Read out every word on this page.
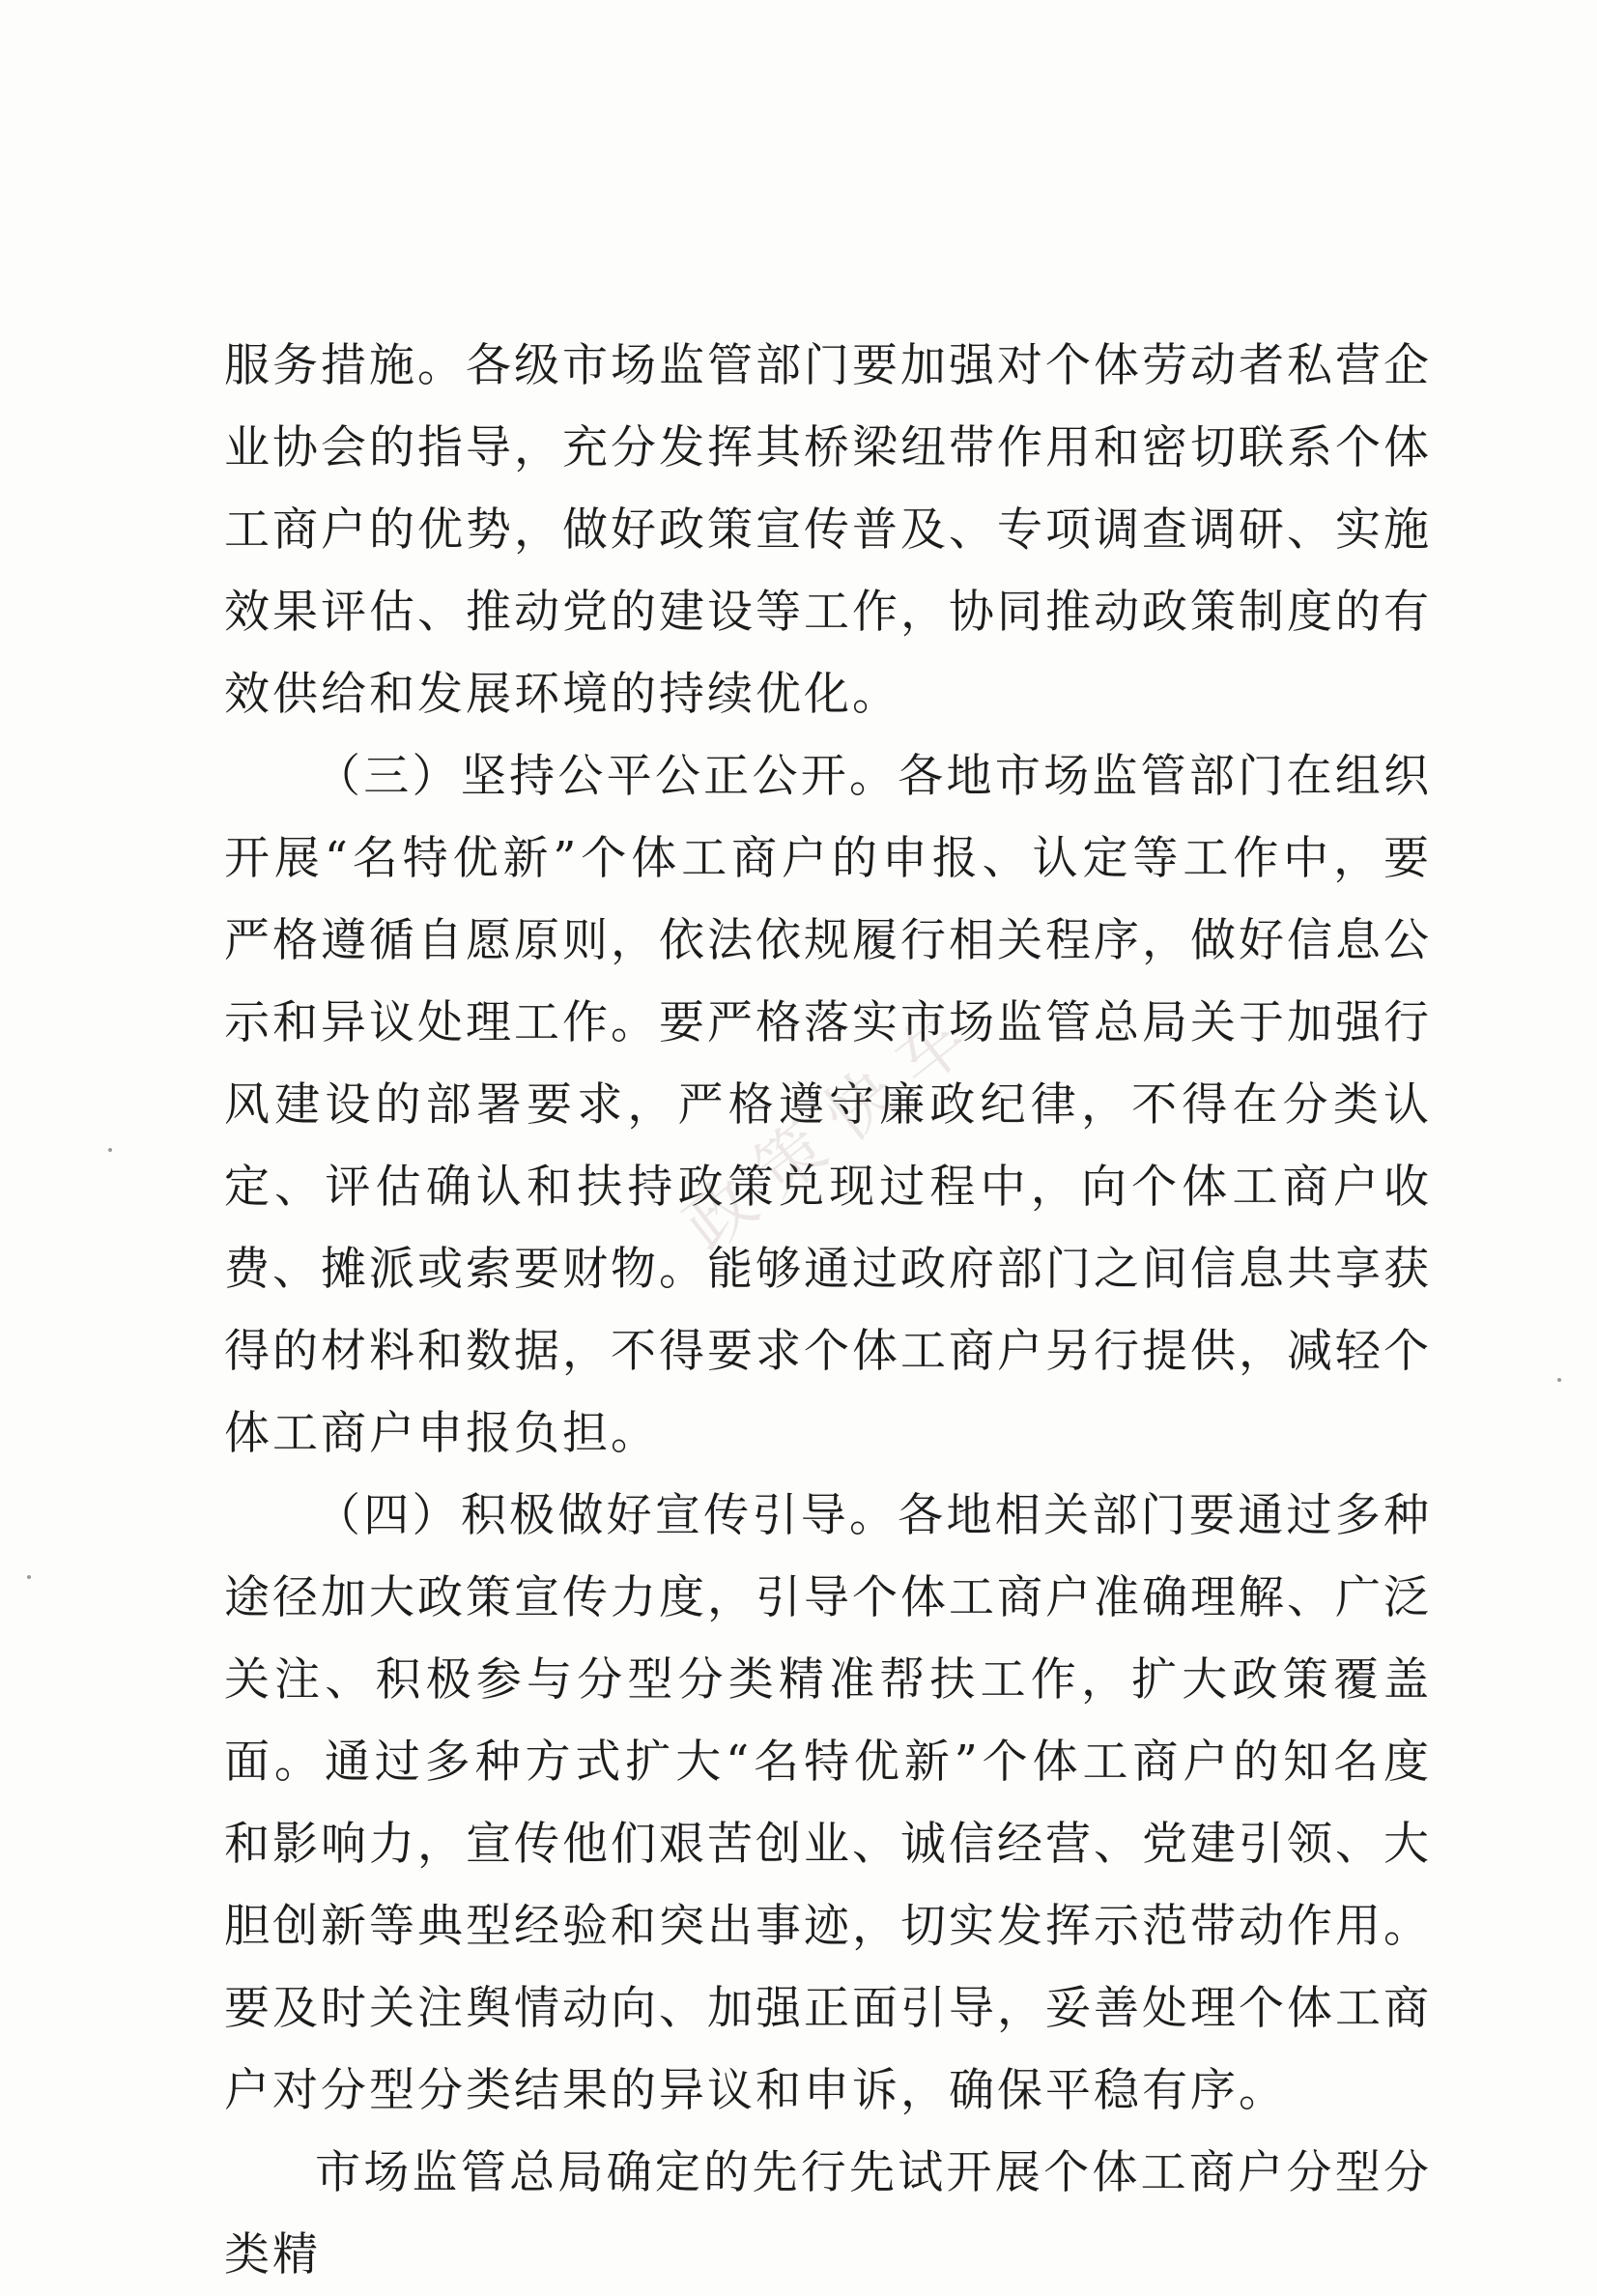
服务措施。各级市场监管部门要加强对个体劳动者私营企业协会的指导，充分发挥其桥梁纽带作用和密切联系个体工商户的优势，做好政策宣传普及、专项调查调研、实施效果评估、推动党的建设等工作，协同推动政策制度的有效供给和发展环境的持续优化。

（三）坚持公平公正公开。各地市场监管部门在组织开展“名特优新”个体工商户的申报、认定等工作中，要严格遵循自愿原则，依法依规履行相关程序，做好信息公示和异议处理工作。要严格落实市场监管总局关于加强行风建设的部署要求，严格遵守廉政纪律，不得在分类认定、评估确认和扶持政策兑现过程中，向个体工商户收费、摊派或索要财物。能够通过政府部门之间信息共享获得的材料和数据，不得要求个体工商户另行提供，减轻个体工商户申报负担。

（四）积极做好宣传引导。各地相关部门要通过多种途径加大政策宣传力度，引导个体工商户准确理解、广泛关注、积极参与分型分类精准帮扶工作，扩大政策覆盖面。通过多种方式扩大“名特优新”个体工商户的知名度和影响力，宣传他们艰苦创业、诚信经营、党建引领、大胆创新等典型经验和突出事迹，切实发挥示范带动作用。要及时关注舆情动向、加强正面引导，妥善处理个体工商户对分型分类结果的异议和申诉，确保平稳有序。

市场监管总局确定的先行先试开展个体工商户分型分类精

政策快车
